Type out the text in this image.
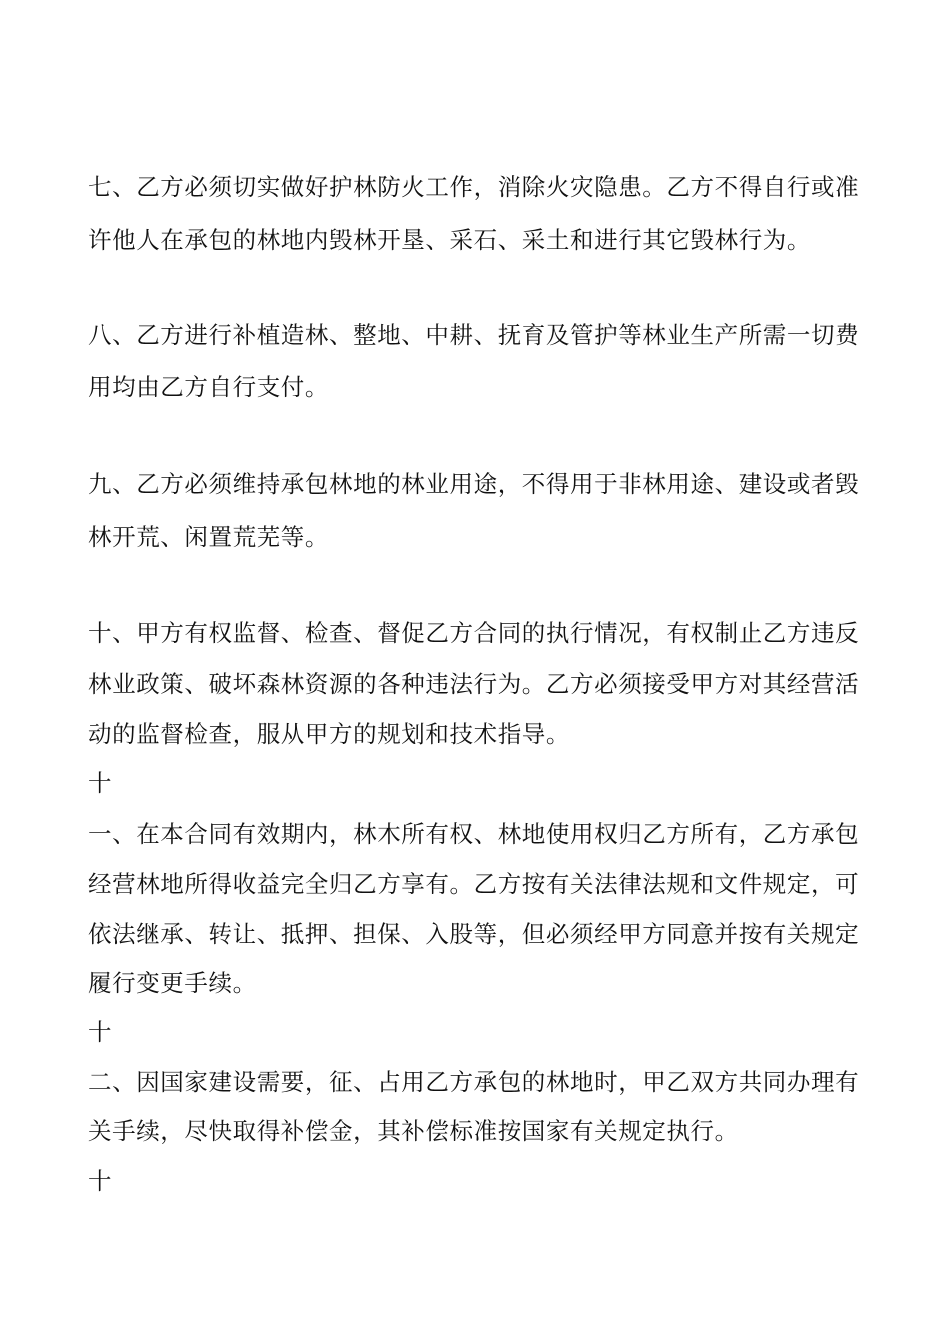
七、乙方必须切实做好护林防火工作，消除火灾隐患。乙方不得自行或准
许他人在承包的林地内毁林开垦、采石、采土和进行其它毁林行为。
八、乙方进行补植造林、整地、中耕、抚育及管护等林业生产所需一切费
用均由乙方自行支付。
九、乙方必须维持承包林地的林业用途，不得用于非林用途、建设或者毁
林开荒、闲置荒芜等。
十、甲方有权监督、检查、督促乙方合同的执行情况，有权制止乙方违反
林业政策、破坏森林资源的各种违法行为。乙方必须接受甲方对其经营活
动的监督检查，服从甲方的规划和技术指导。
十
一、在本合同有效期内，林木所有权、林地使用权归乙方所有，乙方承包
经营林地所得收益完全归乙方享有。乙方按有关法律法规和文件规定，可
依法继承、转让、抵押、担保、入股等，但必须经甲方同意并按有关规定
履行变更手续。
十
二、因国家建设需要，征、占用乙方承包的林地时，甲乙双方共同办理有
关手续，尽快取得补偿金，其补偿标准按国家有关规定执行。
十
